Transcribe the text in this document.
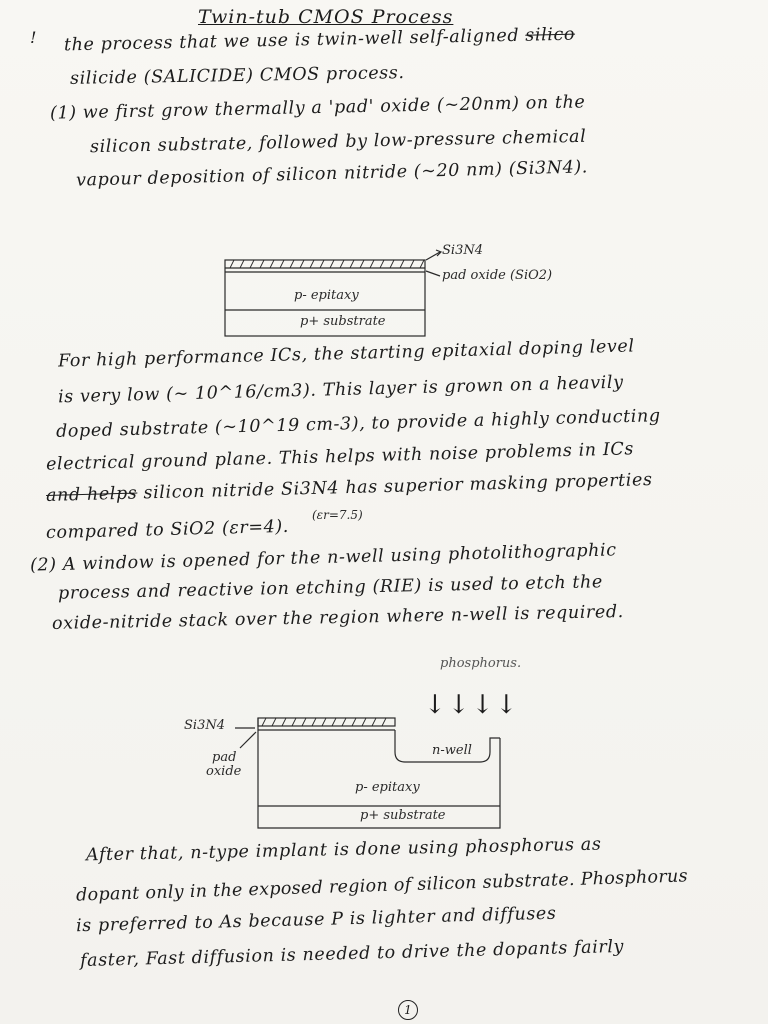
Twin-tub CMOS Process
! the process that we use is twin-well self-aligned silico
silicide (SALICIDE) CMOS process.
(1) we first grow thermally a 'pad' oxide (~20nm) on the
silicon substrate, followed by low-pressure chemical
vapour deposition of silicon nitride (~20 nm) (Si3N4).
Si3N4
pad oxide (SiO2)
p- epitaxy
p+ substrate
For high performance ICs, the starting epitaxial doping level
is very low (~ 10^16/cm3). This layer is grown on a heavily
doped substrate (~10^19 cm-3), to provide a highly conducting
electrical ground plane. This helps with noise problems in ICs
and helps silicon nitride Si3N4 has superior masking properties
compared to SiO2 (εr=4).
(εr=7.5)
(2) A window is opened for the n-well using photolithographic
process and reactive ion etching (RIE) is used to etch the
oxide-nitride stack over the region where n-well is required.
phosphorus.
↓↓↓↓
Si3N4
pad
oxide
n-well
p- epitaxy
p+ substrate
After that, n-type implant is done using phosphorus as
dopant only in the exposed region of silicon substrate. Phosphorus
is preferred to As because P is lighter and diffuses
faster, Fast diffusion is needed to drive the dopants fairly
1
